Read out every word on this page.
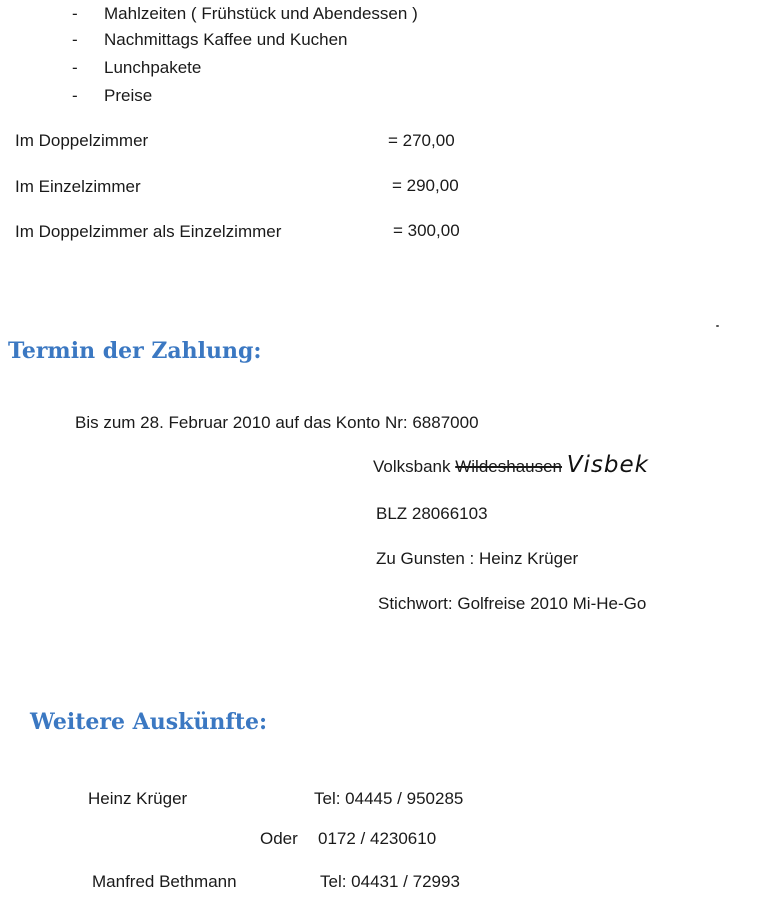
- Mahlzeiten ( Frühstück und Abendessen )
- Nachmittags Kaffee und Kuchen
- Lunchpakete
- Preise
Im Doppelzimmer	= 270,00
Im Einzelzimmer	= 290,00
Im Doppelzimmer als Einzelzimmer	= 300,00
Termin der Zahlung:
Bis zum 28. Februar 2010 auf das Konto Nr: 6887000
Volksbank Wildeshausen Visbek
BLZ 28066103
Zu Gunsten : Heinz Krüger
Stichwort: Golfreise 2010 Mi-He-Go
Weitere Auskünfte:
Heinz Krüger	Tel: 04445 / 950285
Oder 0172 / 4230610
Manfred Bethmann	Tel: 04431 / 72993
